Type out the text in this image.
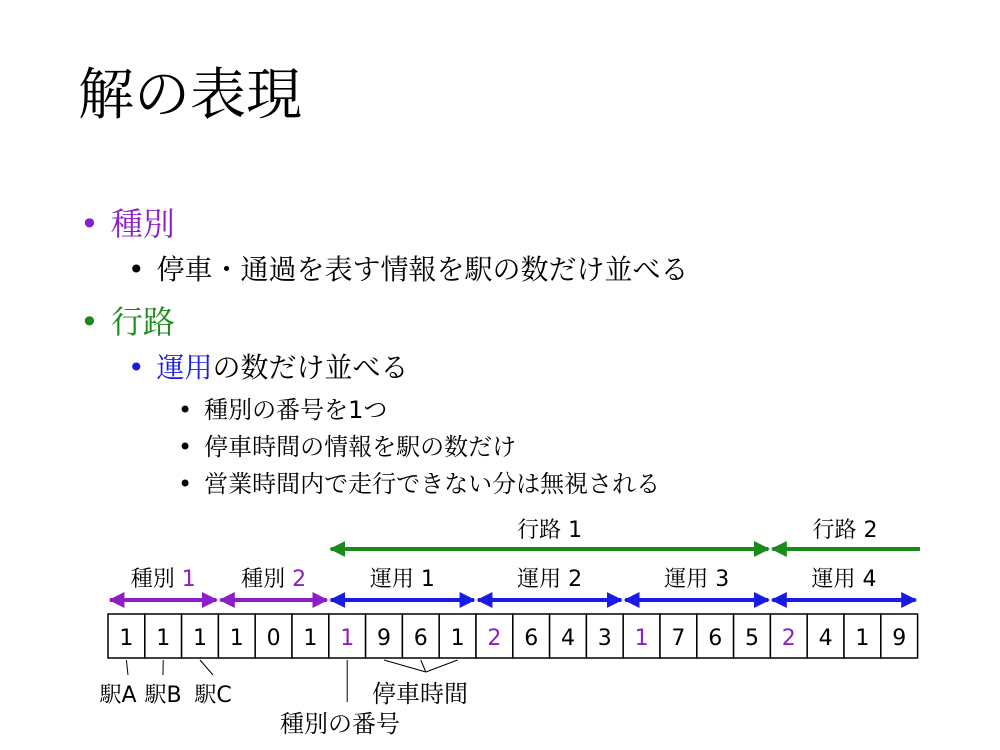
解の表現
• 種別
• 停車・通過を表す情報を駅の数だけ並べる
• 行路
• 運用の数だけ並べる
• 種別の番号を1つ
• 停車時間の情報を駅の数だけ
• 営業時間内で走行できない分は無視される
1 1 1 1 0 1 1 9 6 1 2 6 4 3 1 7 6 5 2 4 1 9
種別 1 種別 2	運用 1	運用 2	運用 3	運用 4
行路 1	行路 2
駅A 駅B 駅C	停車時間
種別の番号
